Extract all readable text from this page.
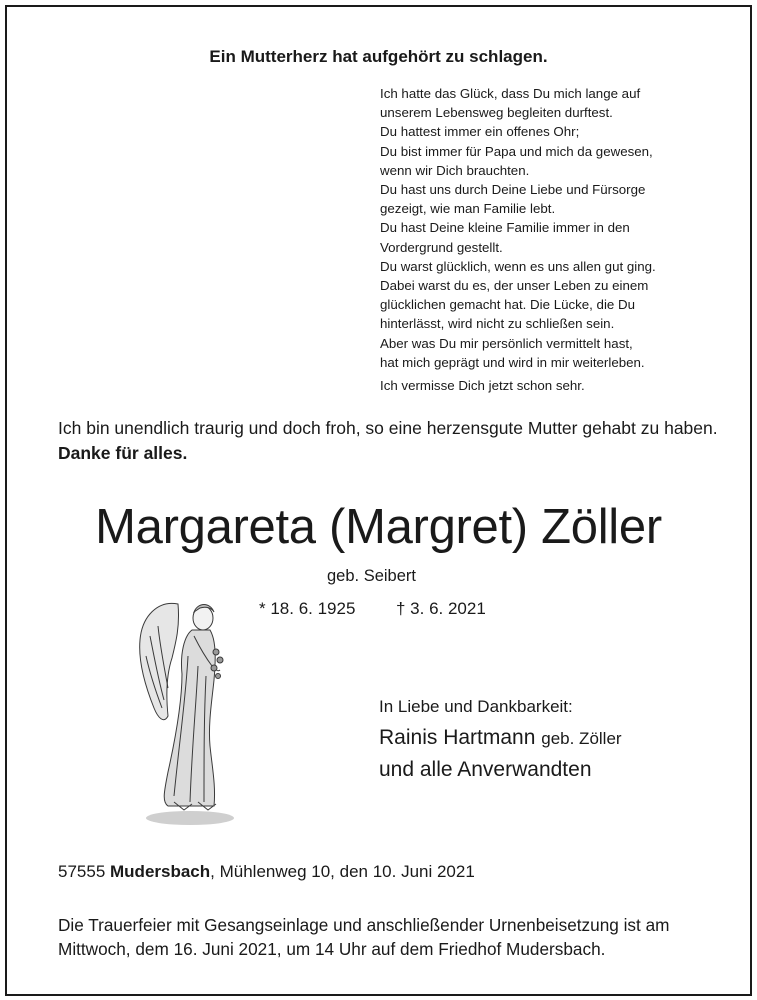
Ein Mutterherz hat aufgehört zu schlagen.
Ich hatte das Glück, dass Du mich lange auf
unserem Lebensweg begleiten durftest.
Du hattest immer ein offenes Ohr;
Du bist immer für Papa und mich da gewesen,
wenn wir Dich brauchten.
Du hast uns durch Deine Liebe und Fürsorge
gezeigt, wie man Familie lebt.
Du hast Deine kleine Familie immer in den
Vordergrund gestellt.
Du warst glücklich, wenn es uns allen gut ging.
Dabei warst du es, der unser Leben zu einem
glücklichen gemacht hat. Die Lücke, die Du
hinterlässt, wird nicht zu schließen sein.
Aber was Du mir persönlich vermittelt hast,
hat mich geprägt und wird in mir weiterleben.
Ich vermisse Dich jetzt schon sehr.
Ich bin unendlich traurig und doch froh, so eine herzensgute Mutter gehabt zu haben.
Danke für alles.
Margareta (Margret) Zöller
geb. Seibert
* 18. 6. 1925 † 3. 6. 2021
In Liebe und Dankbarkeit:
Rainis Hartmann geb. Zöller
und alle Anverwandten
57555 Mudersbach, Mühlenweg 10, den 10. Juni 2021
Die Trauerfeier mit Gesangseinlage und anschließender Urnenbeisetzung ist am Mittwoch, dem 16. Juni 2021, um 14 Uhr auf dem Friedhof Mudersbach.
